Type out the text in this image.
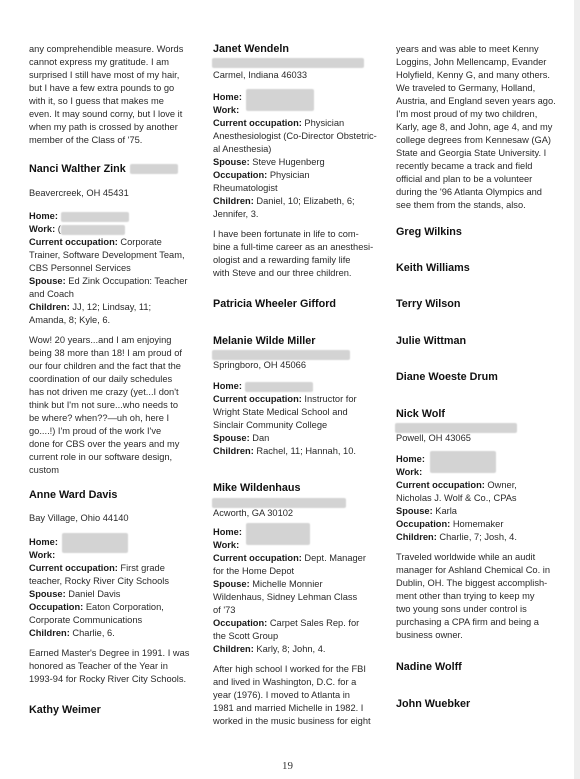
any comprehendible measure. Words

cannot express my gratitude. I am

surprised I still have most of my hair,

but I have a few extra pounds to go

with it, so I guess that makes me

even. It may sound corny, but I love it

when my path is crossed by another

member of the Class of '75.

Nanci Walther Zink

Beavercreek, OH 45431

Home:

Work: (

Current occupation: Corporate

Trainer, Software Development Team,

CBS Personnel Services

Spouse: Ed Zink Occupation: Teacher

and Coach

Children: JJ, 12; Lindsay, 11;

Amanda, 8; Kyle, 6.

Wow! 20 years...and I am enjoying

being 38 more than 18! I am proud of

our four children and the fact that the

coordination of our daily schedules

has not driven me crazy (yet...I don't

think but I'm not sure...who needs to

be where? when??—uh oh, here I

go....!) I'm proud of the work I've

done for CBS over the years and my

current role in our software design,

custom

Anne Ward Davis

Bay Village, Ohio 44140

Home:

Work:

Current occupation: First grade

teacher, Rocky River City Schools

Spouse: Daniel Davis

Occupation: Eaton Corporation,

Corporate Communications

Children: Charlie, 6.

Earned Master's Degree in 1991. I was

honored as Teacher of the Year in

1993-94 for Rocky River City Schools.

Kathy Weimer

Janet Wendeln

Carmel, Indiana 46033

Home:

Work:

Current occupation: Physician

Anesthesiologist (Co-Director Obstetric-

al Anesthesia)

Spouse: Steve Hugenberg

Occupation: Physician

Rheumatologist

Children: Daniel, 10; Elizabeth, 6;

Jennifer, 3.

I have been fortunate in life to com-

bine a full-time career as an anesthesi-

ologist and a rewarding family life

with Steve and our three children.

Patricia Wheeler Gifford

Melanie Wilde Miller

Springboro, OH 45066

Home:

Current occupation: Instructor for

Wright State Medical School and

Sinclair Community College

Spouse: Dan

Children: Rachel, 11; Hannah, 10.

Mike Wildenhaus

Acworth, GA 30102

Home:

Work:

Current occupation: Dept. Manager

for the Home Depot

Spouse: Michelle Monnier

Wildenhaus, Sidney Lehman Class

of '73

Occupation: Carpet Sales Rep. for

the Scott Group

Children: Karly, 8; John, 4.

After high school I worked for the FBI

and lived in Washington, D.C. for a

year (1976). I moved to Atlanta in

1981 and married Michelle in 1982. I

worked in the music business for eight

years and was able to meet Kenny

Loggins, John Mellencamp, Evander

Holyfield, Kenny G, and many others.

We traveled to Germany, Holland,

Austria, and England seven years ago.

I'm most proud of my two children,

Karly, age 8, and John, age 4, and my

college degrees from Kennesaw (GA)

State and Georgia State University. I

recently became a track and field

official and plan to be a volunteer

during the '96 Atlanta Olympics and

see them from the stands, also.

Greg Wilkins

Keith Williams

Terry Wilson

Julie Wittman

Diane Woeste Drum

Nick Wolf

Powell, OH 43065

Home:

Work:

Current occupation: Owner,

Nicholas J. Wolf & Co., CPAs

Spouse: Karla

Occupation: Homemaker

Children: Charlie, 7; Josh, 4.

Traveled worldwide while an audit

manager for Ashland Chemical Co. in

Dublin, OH. The biggest accomplish-

ment other than trying to keep my

two young sons under control is

purchasing a CPA firm and being a

business owner.

Nadine Wolff

John Wuebker

19
